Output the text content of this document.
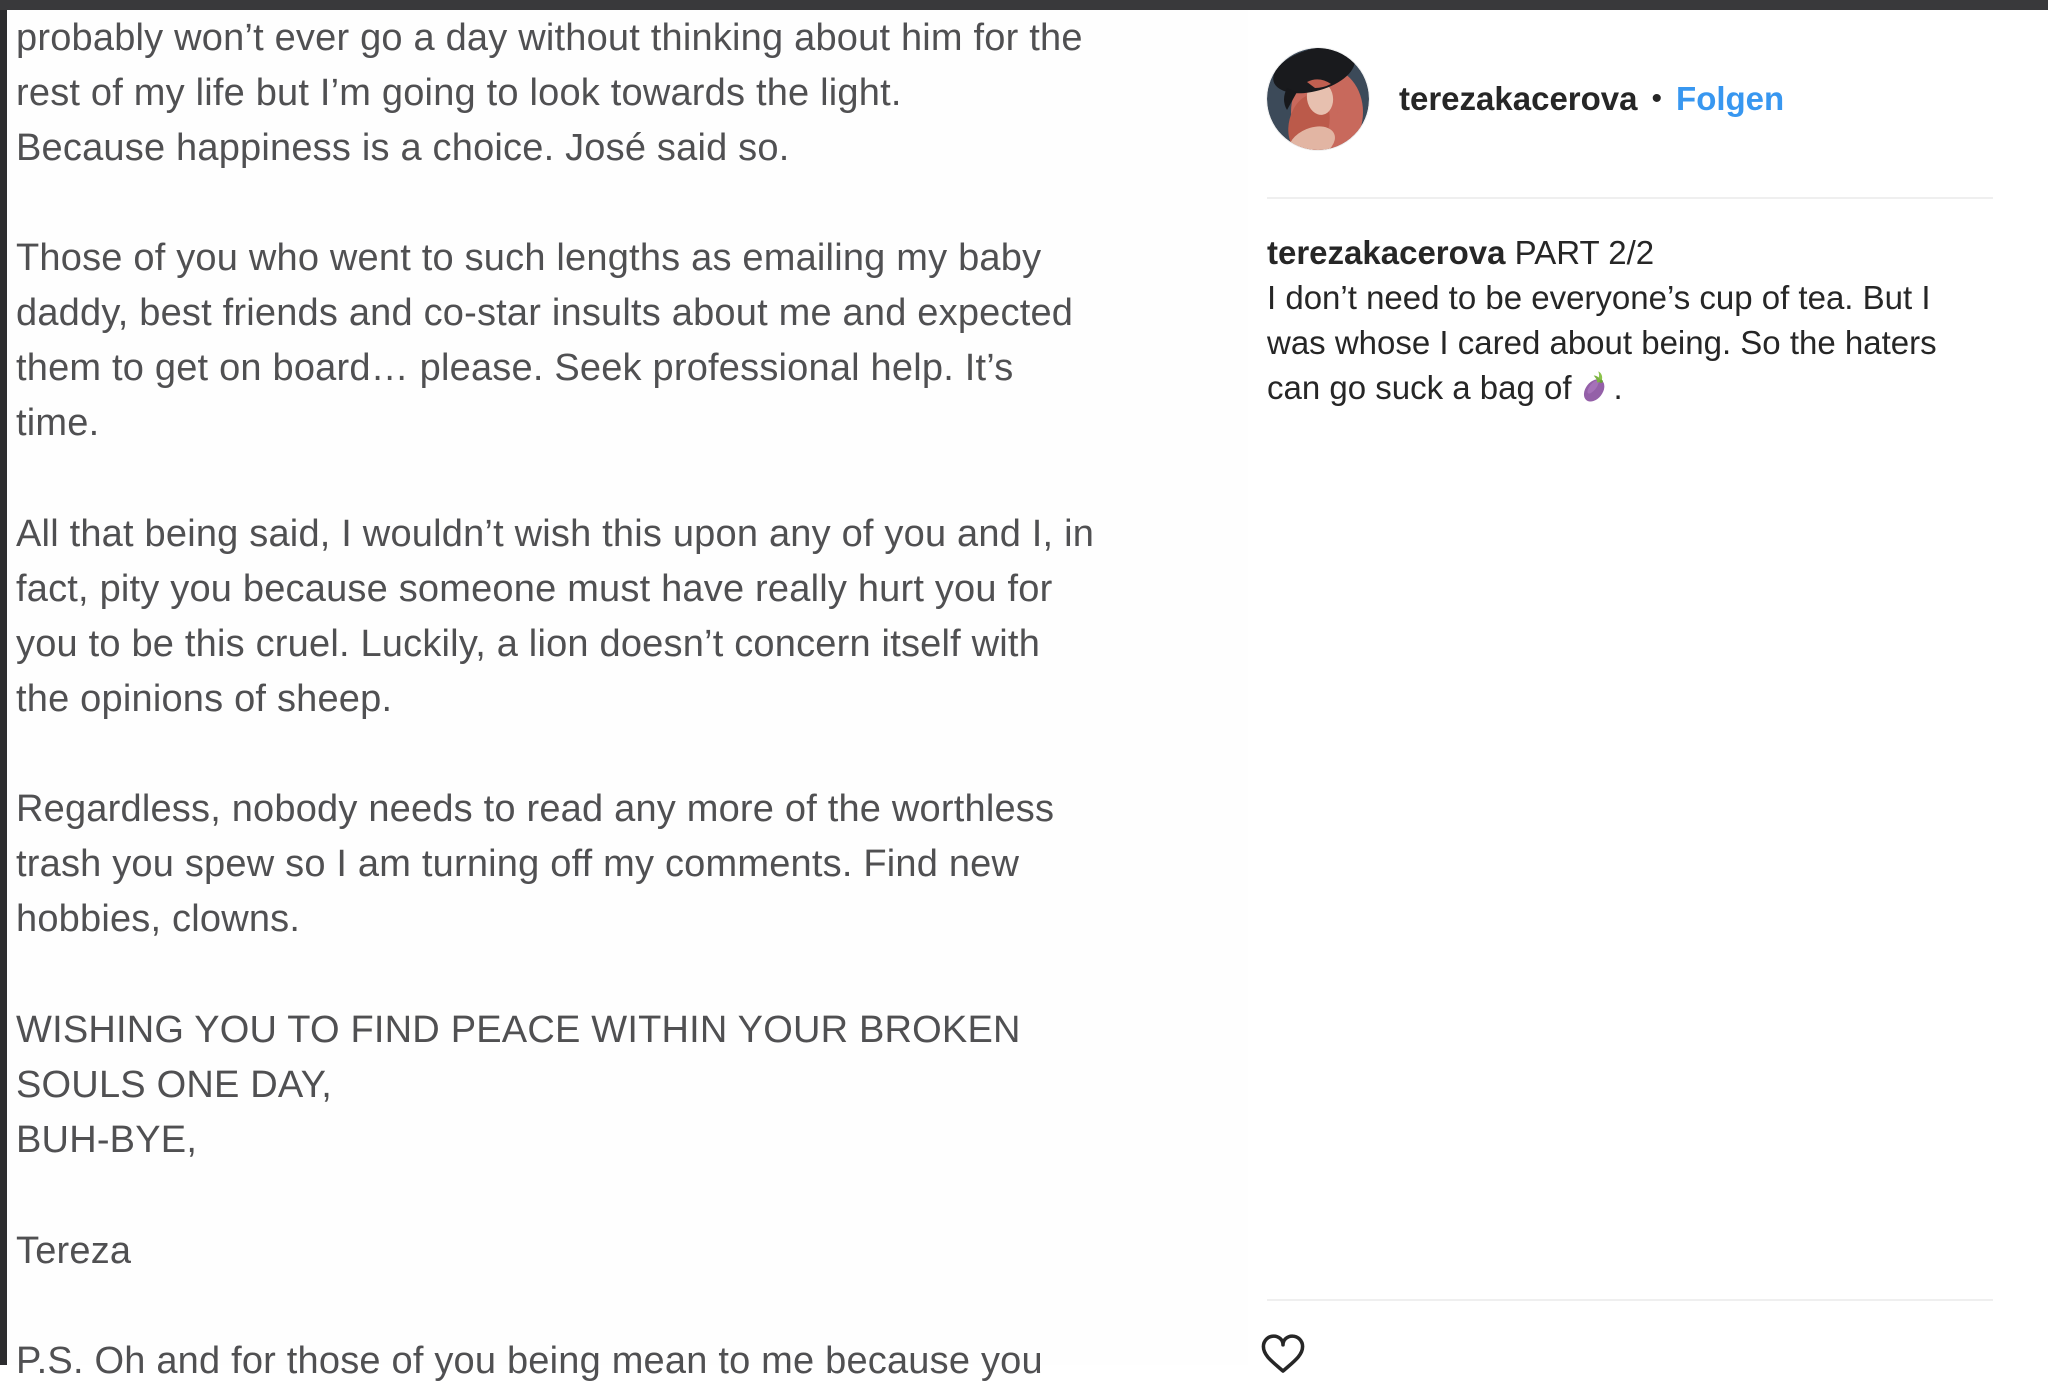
probably won’t ever go a day without thinking about him for the
rest of my life but I’m going to look towards the light.
Because happiness is a choice. José said so.
Those of you who went to such lengths as emailing my baby
daddy, best friends and co-star insults about me and expected
them to get on board… please. Seek professional help. It’s
time.
All that being said, I wouldn’t wish this upon any of you and I, in
fact, pity you because someone must have really hurt you for
you to be this cruel. Luckily, a lion doesn’t concern itself with
the opinions of sheep.
Regardless, nobody needs to read any more of the worthless
trash you spew so I am turning off my comments. Find new
hobbies, clowns.
WISHING YOU TO FIND PEACE WITHIN YOUR BROKEN
SOULS ONE DAY,
BUH-BYE,
Tereza
P.S. Oh and for those of you being mean to me because you
terezakacerova • Folgen
terezakacerova PART 2/2
I don’t need to be everyone’s cup of tea. But I
was whose I cared about being. So the haters
can go suck a bag of .
